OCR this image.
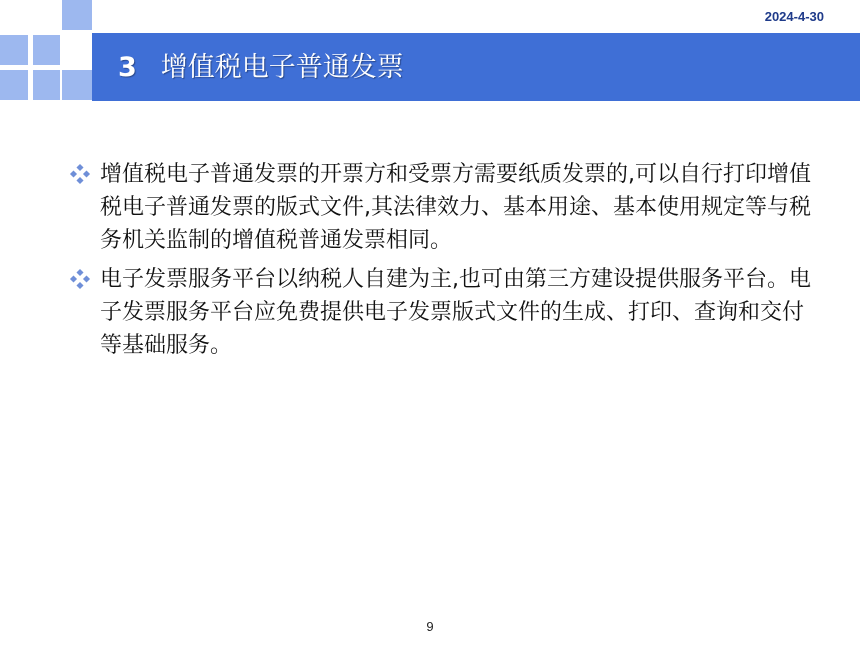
2024-4-30
3 增值税电子普通发票
增值税电子普通发票的开票方和受票方需要纸质发票的,可以自行打印增值税电子普通发票的版式文件,其法律效力、基本用途、基本使用规定等与税务机关监制的增值税普通发票相同。
电子发票服务平台以纳税人自建为主,也可由第三方建设提供服务平台。电子发票服务平台应免费提供电子发票版式文件的生成、打印、查询和交付等基础服务。
9
